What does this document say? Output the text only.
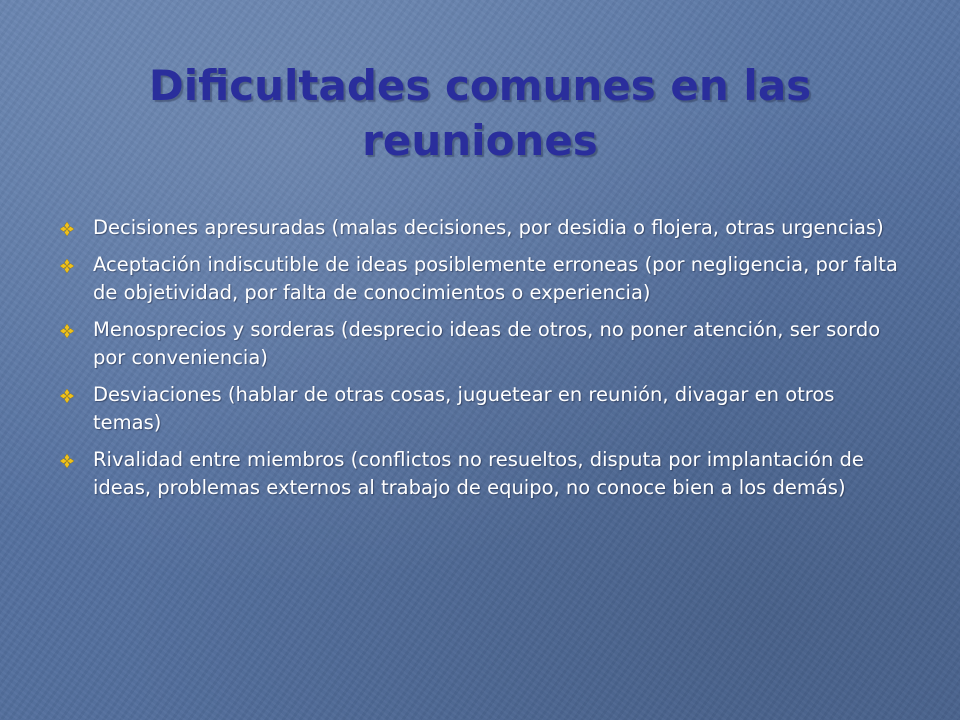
Dificultades comunes en las reuniones
Decisiones apresuradas (malas decisiones, por desidia o flojera, otras urgencias)
Aceptación indiscutible de ideas posiblemente erroneas (por negligencia, por falta de objetividad, por falta de conocimientos o experiencia)
Menosprecios y sorderas (desprecio ideas de otros, no poner atención, ser sordo por conveniencia)
Desviaciones (hablar de otras cosas, juguetear en reunión, divagar en otros temas)
Rivalidad entre miembros (conflictos no resueltos, disputa por implantación de ideas, problemas externos al trabajo de equipo, no conoce bien a los demás)
